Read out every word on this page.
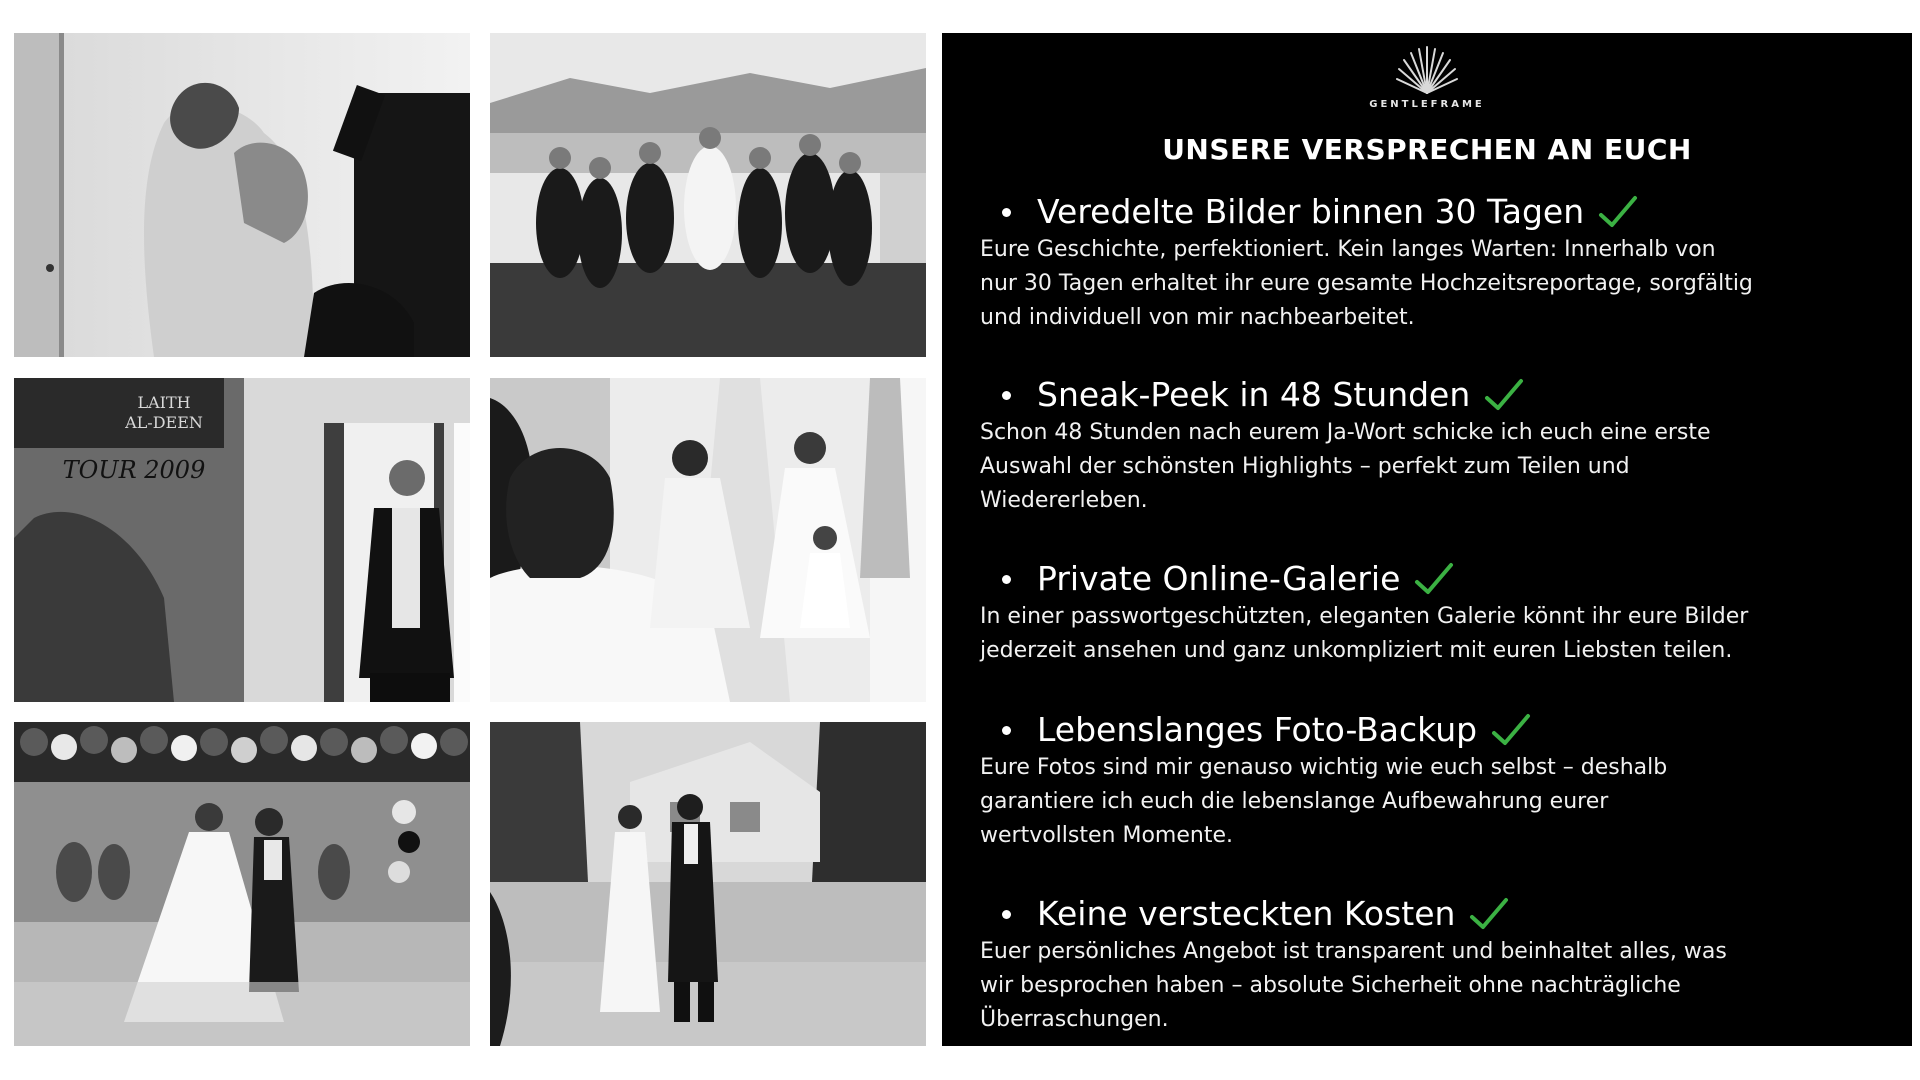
LAITH
AL-DEEN
TOUR 2009
GENTLEFRAME
UNSERE VERSPRECHEN AN EUCH
Veredelte Bilder binnen 30 Tagen
Eure Geschichte, perfektioniert. Kein langes Warten: Innerhalb von
nur 30 Tagen erhaltet ihr eure gesamte Hochzeitsreportage, sorgfältig
und individuell von mir nachbearbeitet.
Sneak-Peek in 48 Stunden
Schon 48 Stunden nach eurem Ja-Wort schicke ich euch eine erste
Auswahl der schönsten Highlights – perfekt zum Teilen und
Wiedererleben.
Private Online-Galerie
In einer passwortgeschützten, eleganten Galerie könnt ihr eure Bilder
jederzeit ansehen und ganz unkompliziert mit euren Liebsten teilen.
Lebenslanges Foto-Backup
Eure Fotos sind mir genauso wichtig wie euch selbst – deshalb
garantiere ich euch die lebenslange Aufbewahrung eurer
wertvollsten Momente.
Keine versteckten Kosten
Euer persönliches Angebot ist transparent und beinhaltet alles, was
wir besprochen haben – absolute Sicherheit ohne nachträgliche
Überraschungen.
